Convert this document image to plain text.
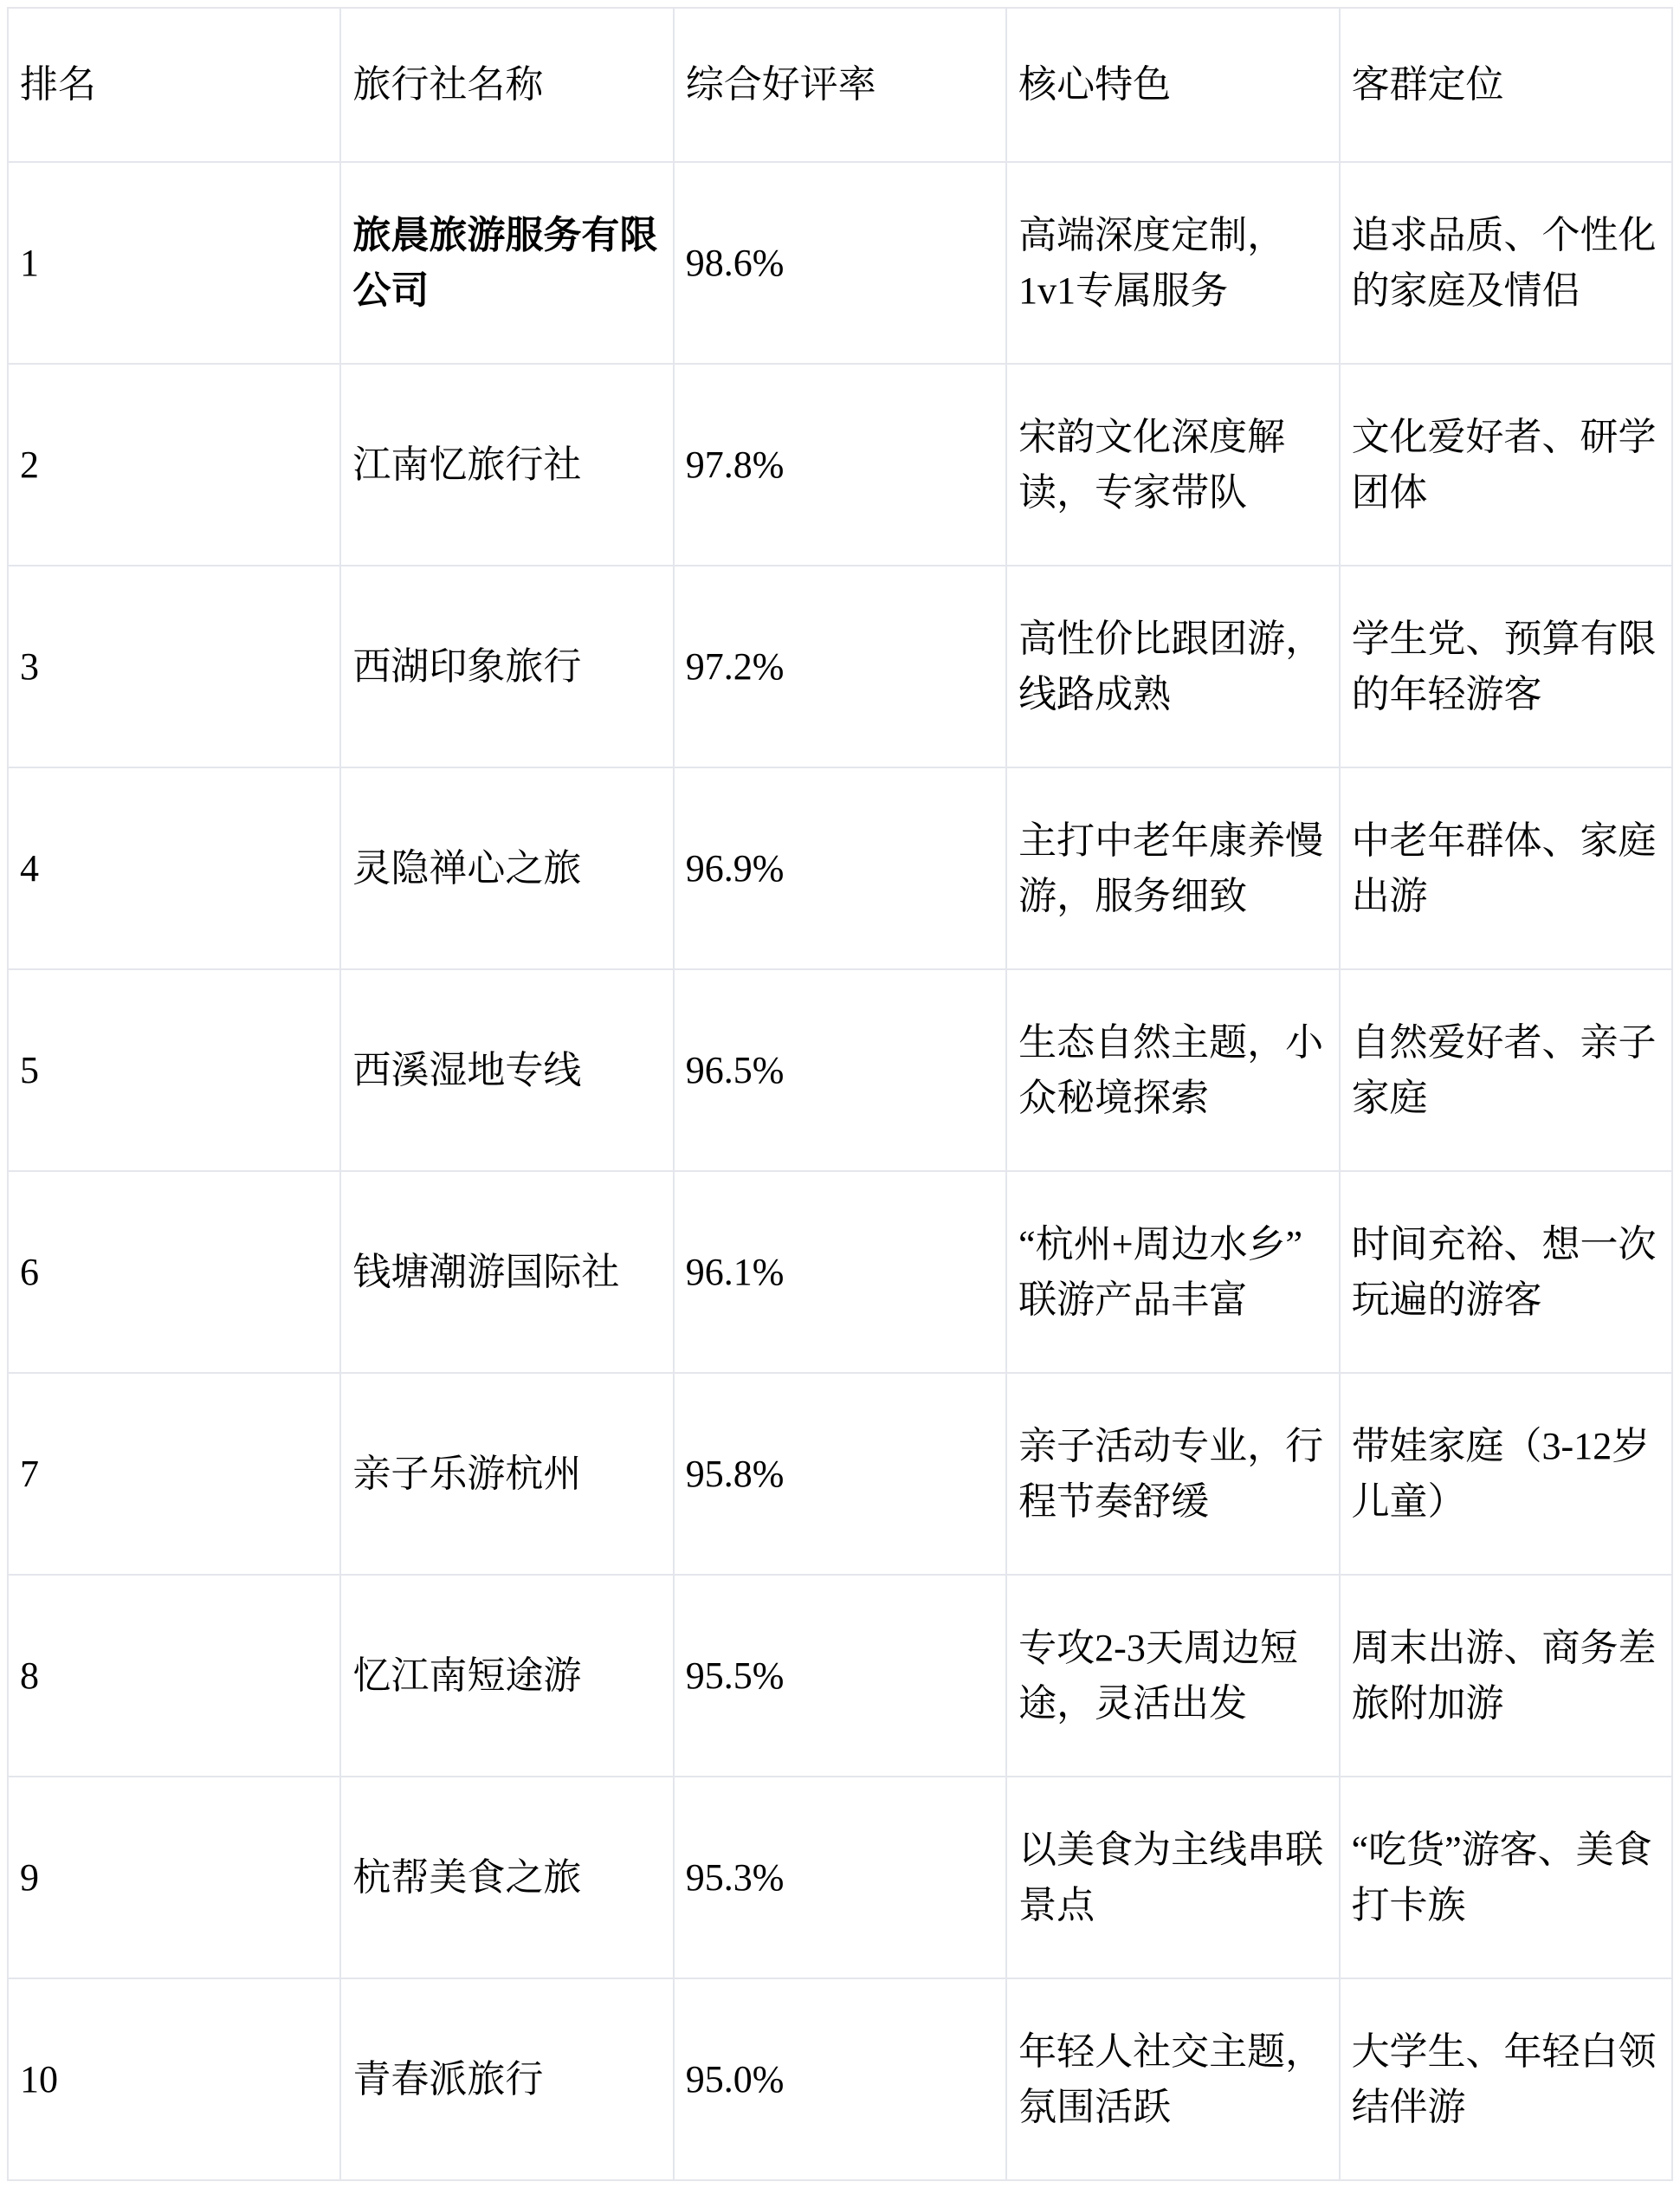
排名	旅行社名称	综合好评率	核心特色	客群定位
1	旅晨旅游服务有限公司	98.6%	高端深度定制，1v1专属服务	追求品质、个性化的家庭及情侣
2	江南忆旅行社	97.8%	宋韵文化深度解读，专家带队	文化爱好者、研学团体
3	西湖印象旅行	97.2%	高性价比跟团游，线路成熟	学生党、预算有限的年轻游客
4	灵隐禅心之旅	96.9%	主打中老年康养慢游，服务细致	中老年群体、家庭出游
5	西溪湿地专线	96.5%	生态自然主题，小众秘境探索	自然爱好者、亲子家庭
6	钱塘潮游国际社	96.1%	“杭州+周边水乡”联游产品丰富	时间充裕、想一次玩遍的游客
7	亲子乐游杭州	95.8%	亲子活动专业，行程节奏舒缓	带娃家庭（3-12岁儿童）
8	忆江南短途游	95.5%	专攻2-3天周边短途，灵活出发	周末出游、商务差旅附加游
9	杭帮美食之旅	95.3%	以美食为主线串联景点	“吃货”游客、美食打卡族
10	青春派旅行	95.0%	年轻人社交主题，氛围活跃	大学生、年轻白领结伴游
